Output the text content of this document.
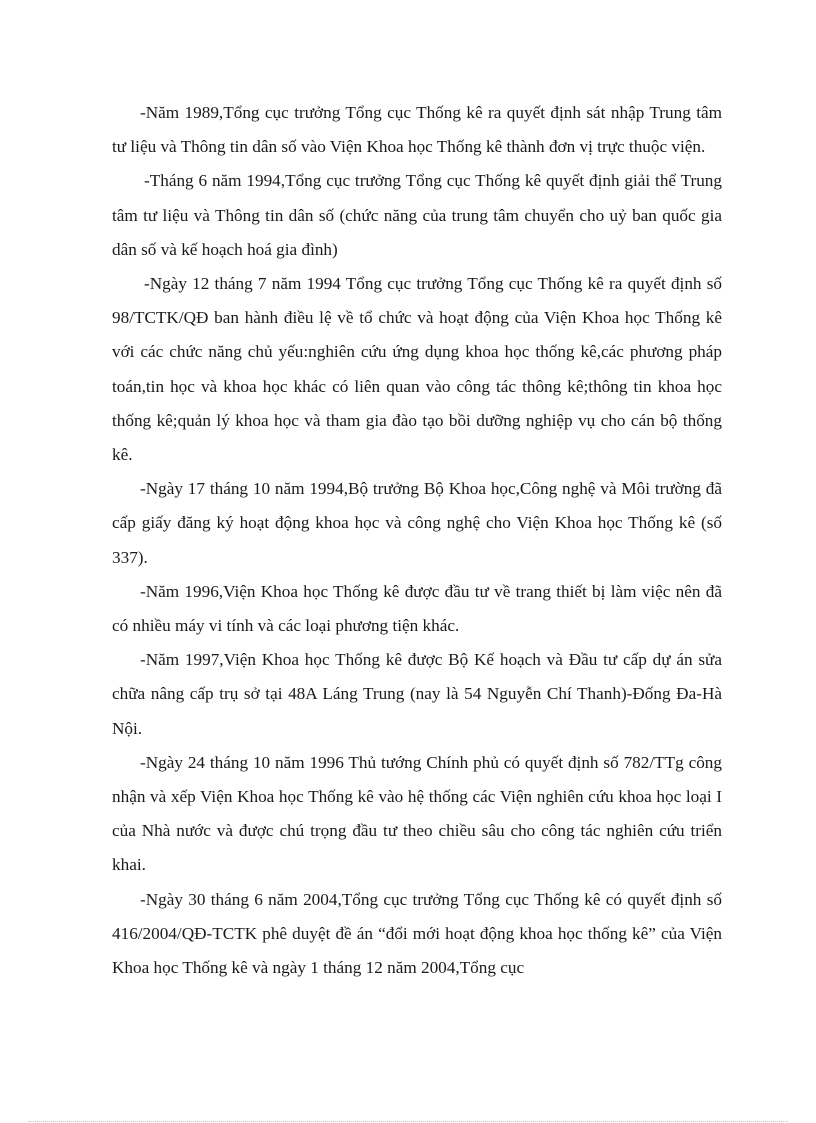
-Năm 1989,Tổng cục trưởng Tổng cục Thống kê ra quyết định sát nhập Trung tâm tư liệu và Thông tin dân số vào Viện Khoa học Thống kê thành đơn vị trực thuộc viện.

-Tháng 6 năm 1994,Tổng cục trưởng Tổng cục Thống kê quyết định giải thể Trung tâm tư liệu và Thông tin dân số (chức năng của trung tâm chuyển cho uỷ ban quốc gia dân số và kế hoạch hoá gia đình)

-Ngày 12 tháng 7 năm 1994 Tổng cục trưởng Tổng cục Thống kê ra quyết định số 98/TCTK/QĐ ban hành điều lệ về tổ chức và hoạt động của Viện Khoa học Thống kê với các chức năng chủ yếu:nghiên cứu ứng dụng khoa học thống kê,các phương pháp toán,tin học và khoa học khác có liên quan vào công tác thông kê;thông tin khoa học thống kê;quản lý khoa học và tham gia đào tạo bồi dưỡng nghiệp vụ cho cán bộ thống kê.

-Ngày 17 tháng 10 năm 1994,Bộ trưởng Bộ Khoa học,Công nghệ và Môi trường đã cấp giấy đăng ký hoạt động khoa học và công nghệ cho Viện Khoa học Thống kê (số 337).

-Năm 1996,Viện Khoa học Thống kê được đầu tư về trang thiết bị làm việc nên đã có nhiều máy vi tính và các loại phương tiện khác.

-Năm 1997,Viện Khoa học Thống kê được Bộ Kế hoạch và Đầu tư cấp dự án sửa chữa nâng cấp trụ sở tại 48A Láng Trung (nay là 54 Nguyễn Chí Thanh)-Đống Đa-Hà Nội.

-Ngày 24 tháng 10 năm 1996 Thủ tướng Chính phủ có quyết định số 782/TTg công nhận và xếp Viện Khoa học Thống kê vào hệ thống các Viện nghiên cứu khoa học loại I của Nhà nước và được chú trọng đầu tư theo chiều sâu cho công tác nghiên cứu triển khai.

-Ngày 30 tháng 6 năm 2004,Tổng cục trưởng Tổng cục Thống kê có quyết định số 416/2004/QĐ-TCTK phê duyệt đề án “đổi mới hoạt động khoa học thống kê” của Viện Khoa học Thống kê và ngày 1 tháng 12 năm 2004,Tổng cục
